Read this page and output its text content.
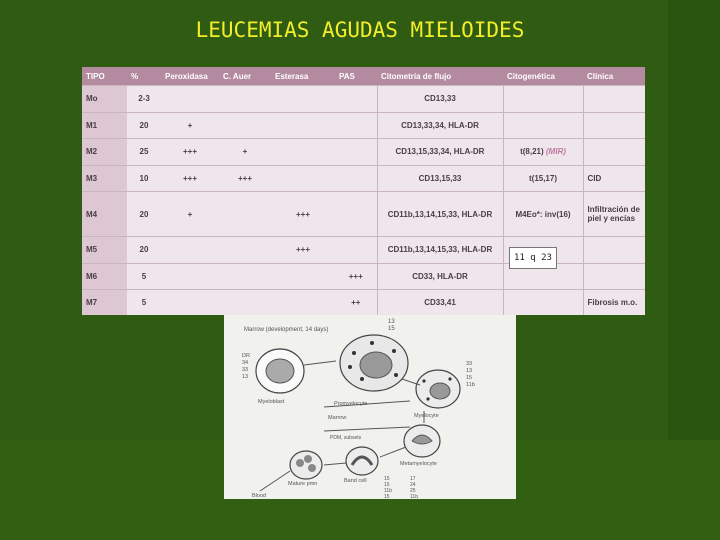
LEUCEMIAS AGUDAS MIELOIDES
TIPO	%	Peroxidasa	C. Auer	Esterasa	PAS	Citometría de flujo	Citogenética	Clínica
Mo	2-3					CD13,33		
M1	20	+				CD13,33,34, HLA-DR		
M2	25	+++	+			CD13,15,33,34, HLA-DR	t(8,21) (MIR)	
M3	10	+++	+++			CD13,15,33	t(15,17)	CID
M4	20	+		+++		CD11b,13,14,15,33, HLA-DR	M4Eo*: inv(16)	Infiltración de piel y encías
M5	20			+++		CD11b,13,14,15,33, HLA-DR		
M6	5				+++	CD33, HLA-DR		
M7	5				++	CD33,41		Fibrosis m.o.
11 q 23
Marrow (development, 14 days)
13
15
DR
34
33
13
Myeloblast	Promyelocyte
33
13
15
11b
Myelocyte
Metamyelocyte
Band cell
Mature pmn
Marrow
PDM, subsets
Blood
15
15
11b
15
17
24
25
11b
